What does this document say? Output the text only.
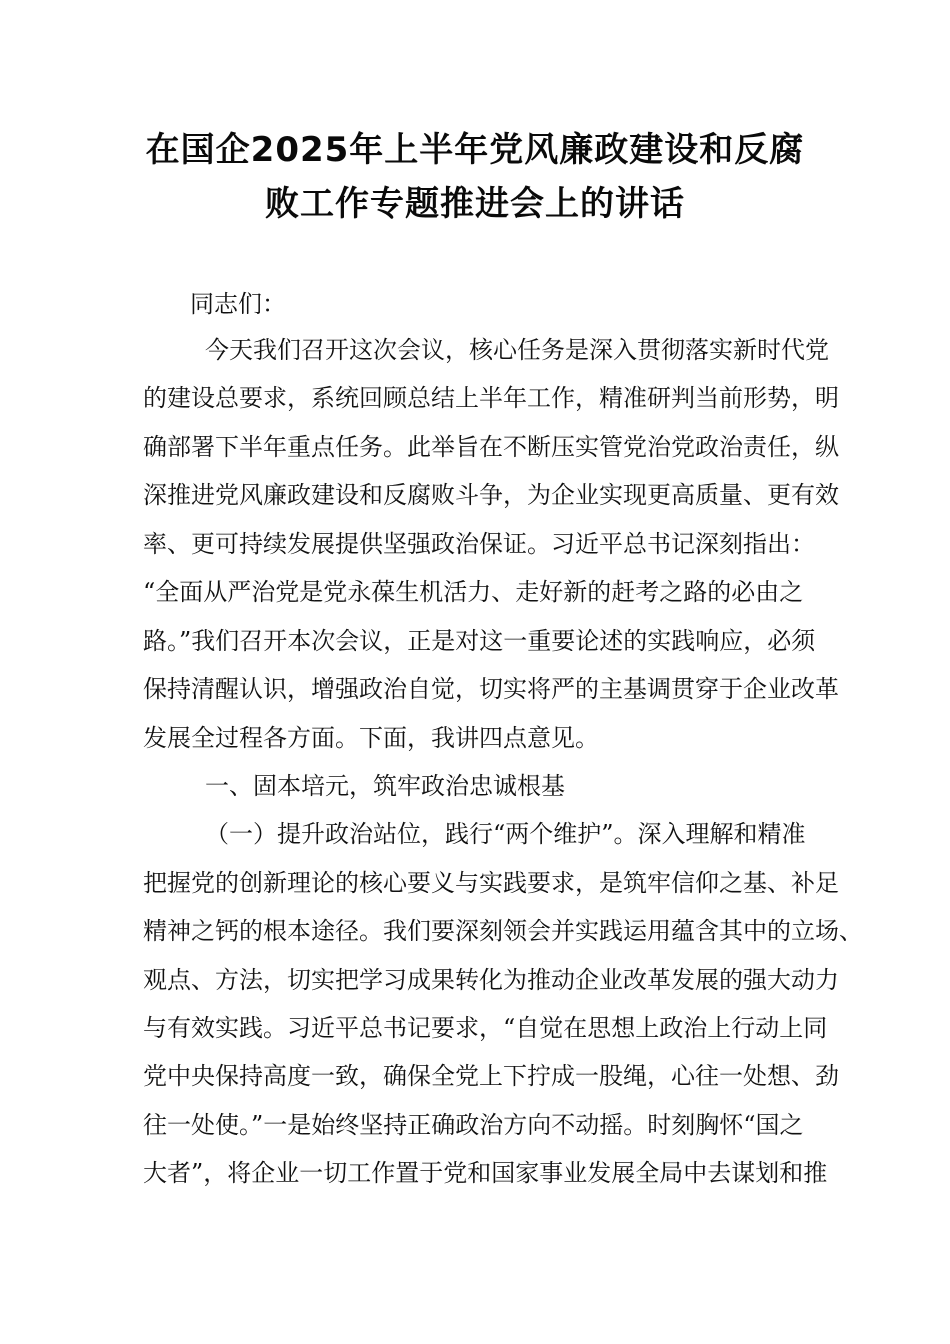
在国企2025年上半年党风廉政建设和反腐
败工作专题推进会上的讲话
同志们：
今天我们召开这次会议，核心任务是深入贯彻落实新时代党
的建设总要求，系统回顾总结上半年工作，精准研判当前形势，明
确部署下半年重点任务。此举旨在不断压实管党治党政治责任，纵
深推进党风廉政建设和反腐败斗争，为企业实现更高质量、更有效
率、更可持续发展提供坚强政治保证。习近平总书记深刻指出：
“全面从严治党是党永葆生机活力、走好新的赶考之路的必由之
路。”我们召开本次会议，正是对这一重要论述的实践响应，必须
保持清醒认识，增强政治自觉，切实将严的主基调贯穿于企业改革
发展全过程各方面。下面，我讲四点意见。
一、固本培元，筑牢政治忠诚根基
（一）提升政治站位，践行“两个维护”。深入理解和精准
把握党的创新理论的核心要义与实践要求，是筑牢信仰之基、补足
精神之钙的根本途径。我们要深刻领会并实践运用蕴含其中的立场、
观点、方法，切实把学习成果转化为推动企业改革发展的强大动力
与有效实践。习近平总书记要求，“自觉在思想上政治上行动上同
党中央保持高度一致，确保全党上下拧成一股绳，心往一处想、劲
往一处使。”一是始终坚持正确政治方向不动摇。时刻胸怀“国之
大者”，将企业一切工作置于党和国家事业发展全局中去谋划和推
